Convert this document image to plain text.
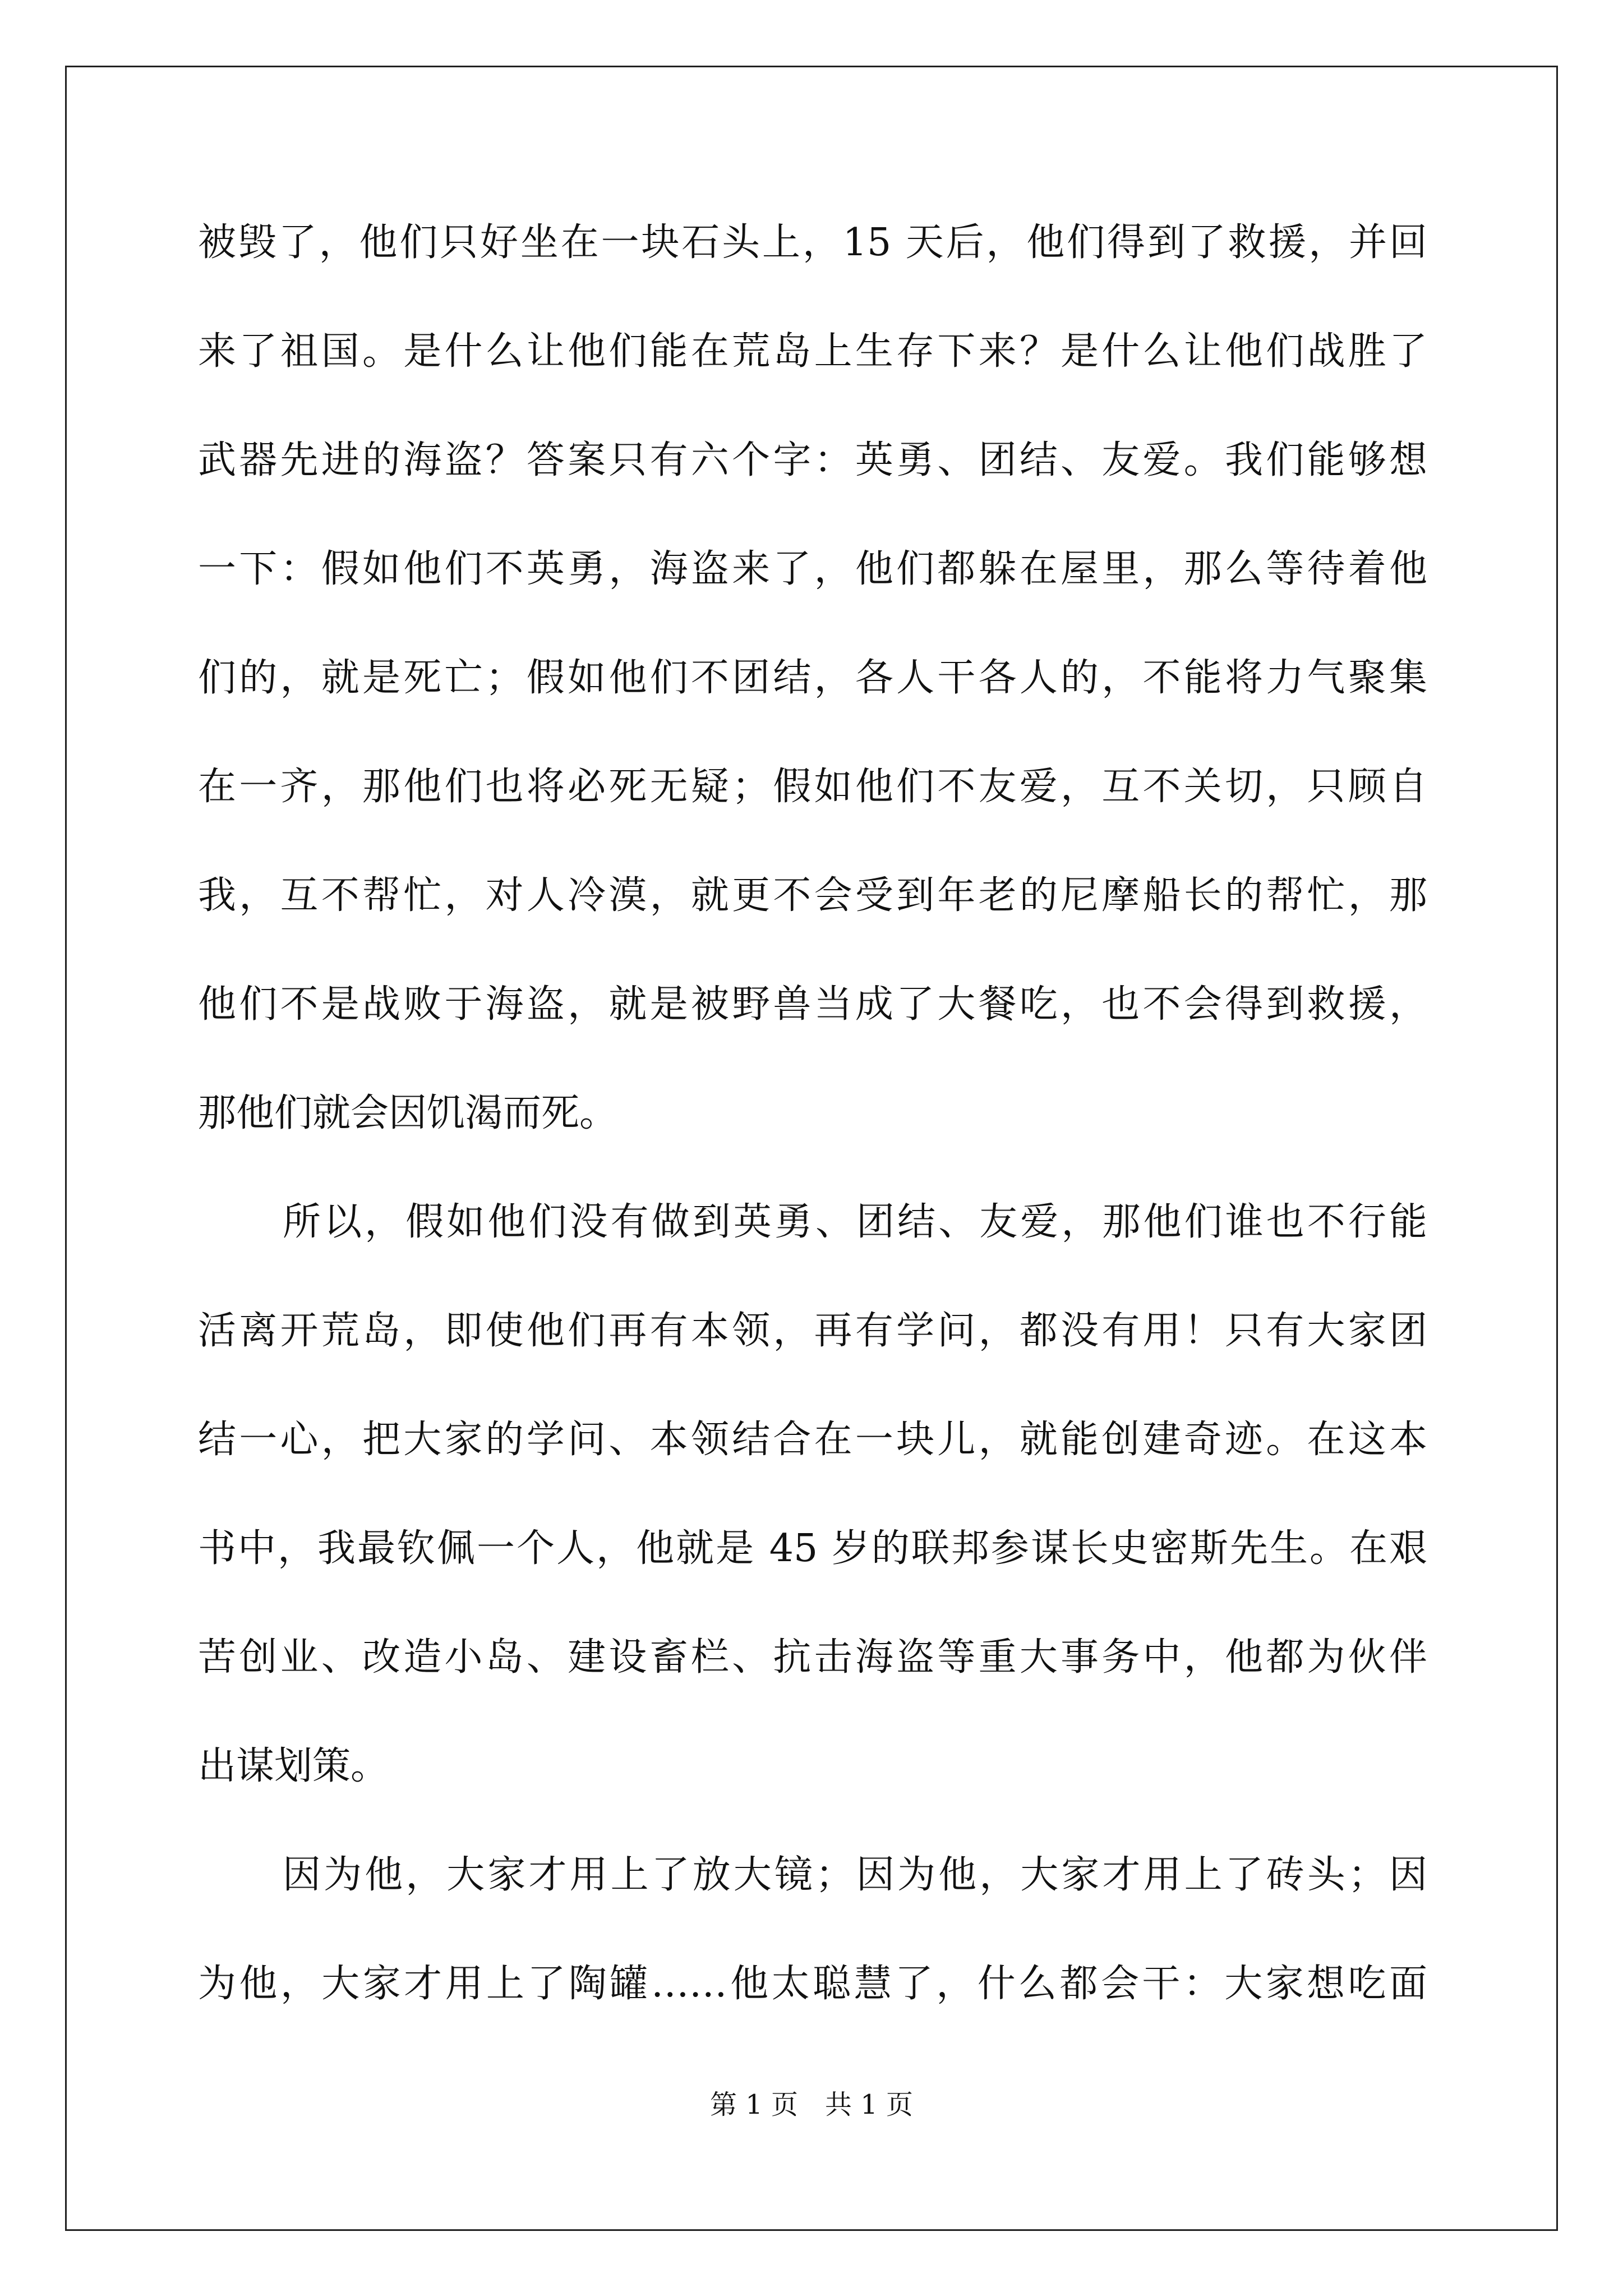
被毁了，他们只好坐在一块石头上，15 天后，他们得到了救援，并回
来了祖国。是什么让他们能在荒岛上生存下来？是什么让他们战胜了
武器先进的海盗？答案只有六个字：英勇、团结、友爱。我们能够想
一下：假如他们不英勇，海盗来了，他们都躲在屋里，那么等待着他
们的，就是死亡；假如他们不团结，各人干各人的，不能将力气聚集
在一齐，那他们也将必死无疑；假如他们不友爱，互不关切，只顾自
我，互不帮忙，对人冷漠，就更不会受到年老的尼摩船长的帮忙，那
他们不是战败于海盗，就是被野兽当成了大餐吃，也不会得到救援，
那他们就会因饥渴而死。
所以，假如他们没有做到英勇、团结、友爱，那他们谁也不行能
活离开荒岛，即使他们再有本领，再有学问，都没有用！只有大家团
结一心，把大家的学问、本领结合在一块儿，就能创建奇迹。在这本
书中，我最钦佩一个人，他就是 45 岁的联邦参谋长史密斯先生。在艰
苦创业、改造小岛、建设畜栏、抗击海盗等重大事务中，他都为伙伴
出谋划策。
因为他，大家才用上了放大镜；因为他，大家才用上了砖头；因
为他，大家才用上了陶罐……他太聪慧了，什么都会干：大家想吃面
第 1 页　共 1 页
